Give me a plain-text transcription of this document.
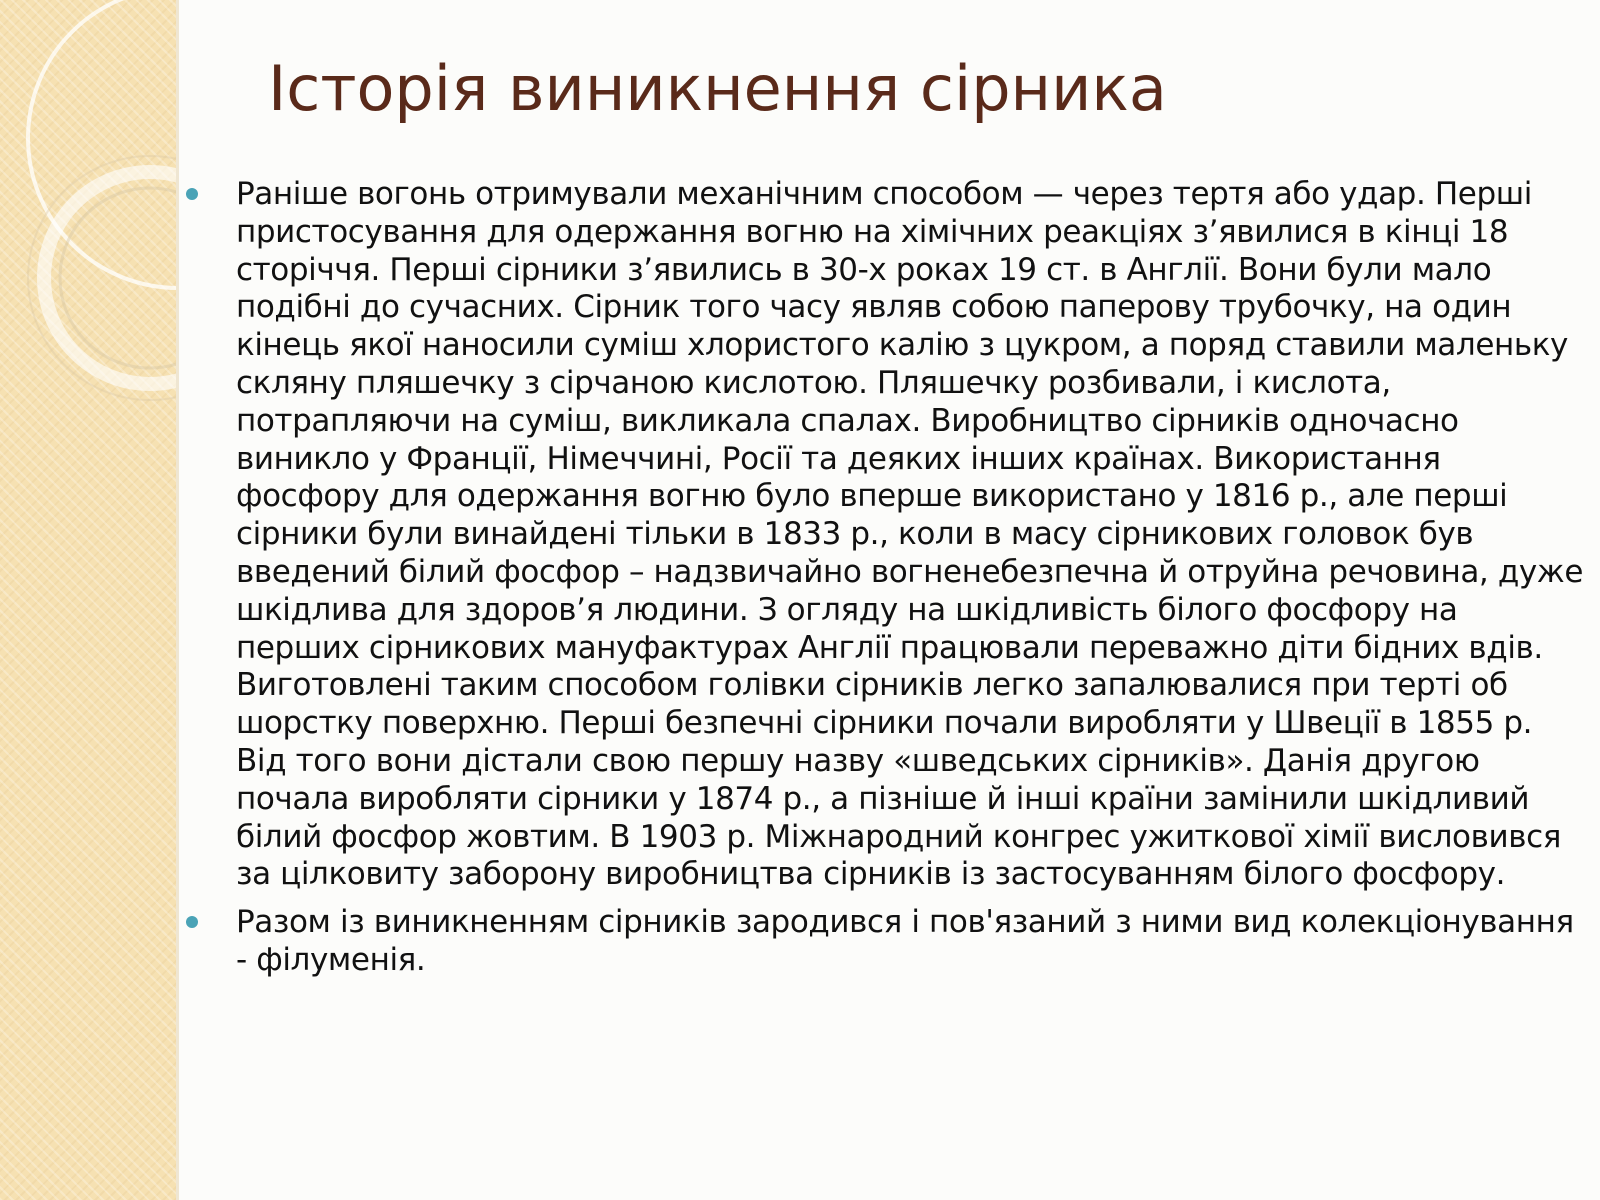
Історія виникнення сірника
Раніше вогонь отримували механічним способом — через тертя або удар. Перші пристосування для одержання вогню на хімічних реакціях з’явилися в кінці 18 сторіччя. Перші сірники з’явились в 30-х роках 19 ст. в Англії. Вони були мало подібні до сучасних. Сірник того часу являв собою паперову трубочку, на один кінець якої наносили суміш хлористого калію з цукром, а поряд ставили маленьку скляну пляшечку з сірчаною кислотою. Пляшечку розбивали, і кислота, потрапляючи на суміш, викликала спалах. Виробництво сірників одночасно виникло у Франції, Німеччині, Росії та деяких інших країнах. Використання фосфору для одержання вогню було вперше використано у 1816 р., але перші сірники були винайдені тільки в 1833 р., коли в масу сірникових головок був введений білий фосфор – надзвичайно вогненебезпечна й отруйна речовина, дуже шкідлива для здоров’я людини. З огляду на шкідливість білого фосфору на перших сірникових мануфактурах Англії працювали переважно діти бідних вдів. Виготовлені таким способом голівки сірників легко запалювалися при терті об шорстку поверхню. Перші безпечні сірники почали виробляти у Швеції в 1855 р. Від того вони дістали свою першу назву «шведських сірників». Данія другою почала виробляти сірники у 1874 р., а пізніше й інші країни замінили шкідливий білий фосфор жовтим. В 1903 р. Міжнародний конгрес ужиткової хімії висловився за цілковиту заборону виробництва сірників із застосуванням білого фосфору.
Разом із виникненням сірників зародився і пов'язаний з ними вид колекціонування - філуменія.
